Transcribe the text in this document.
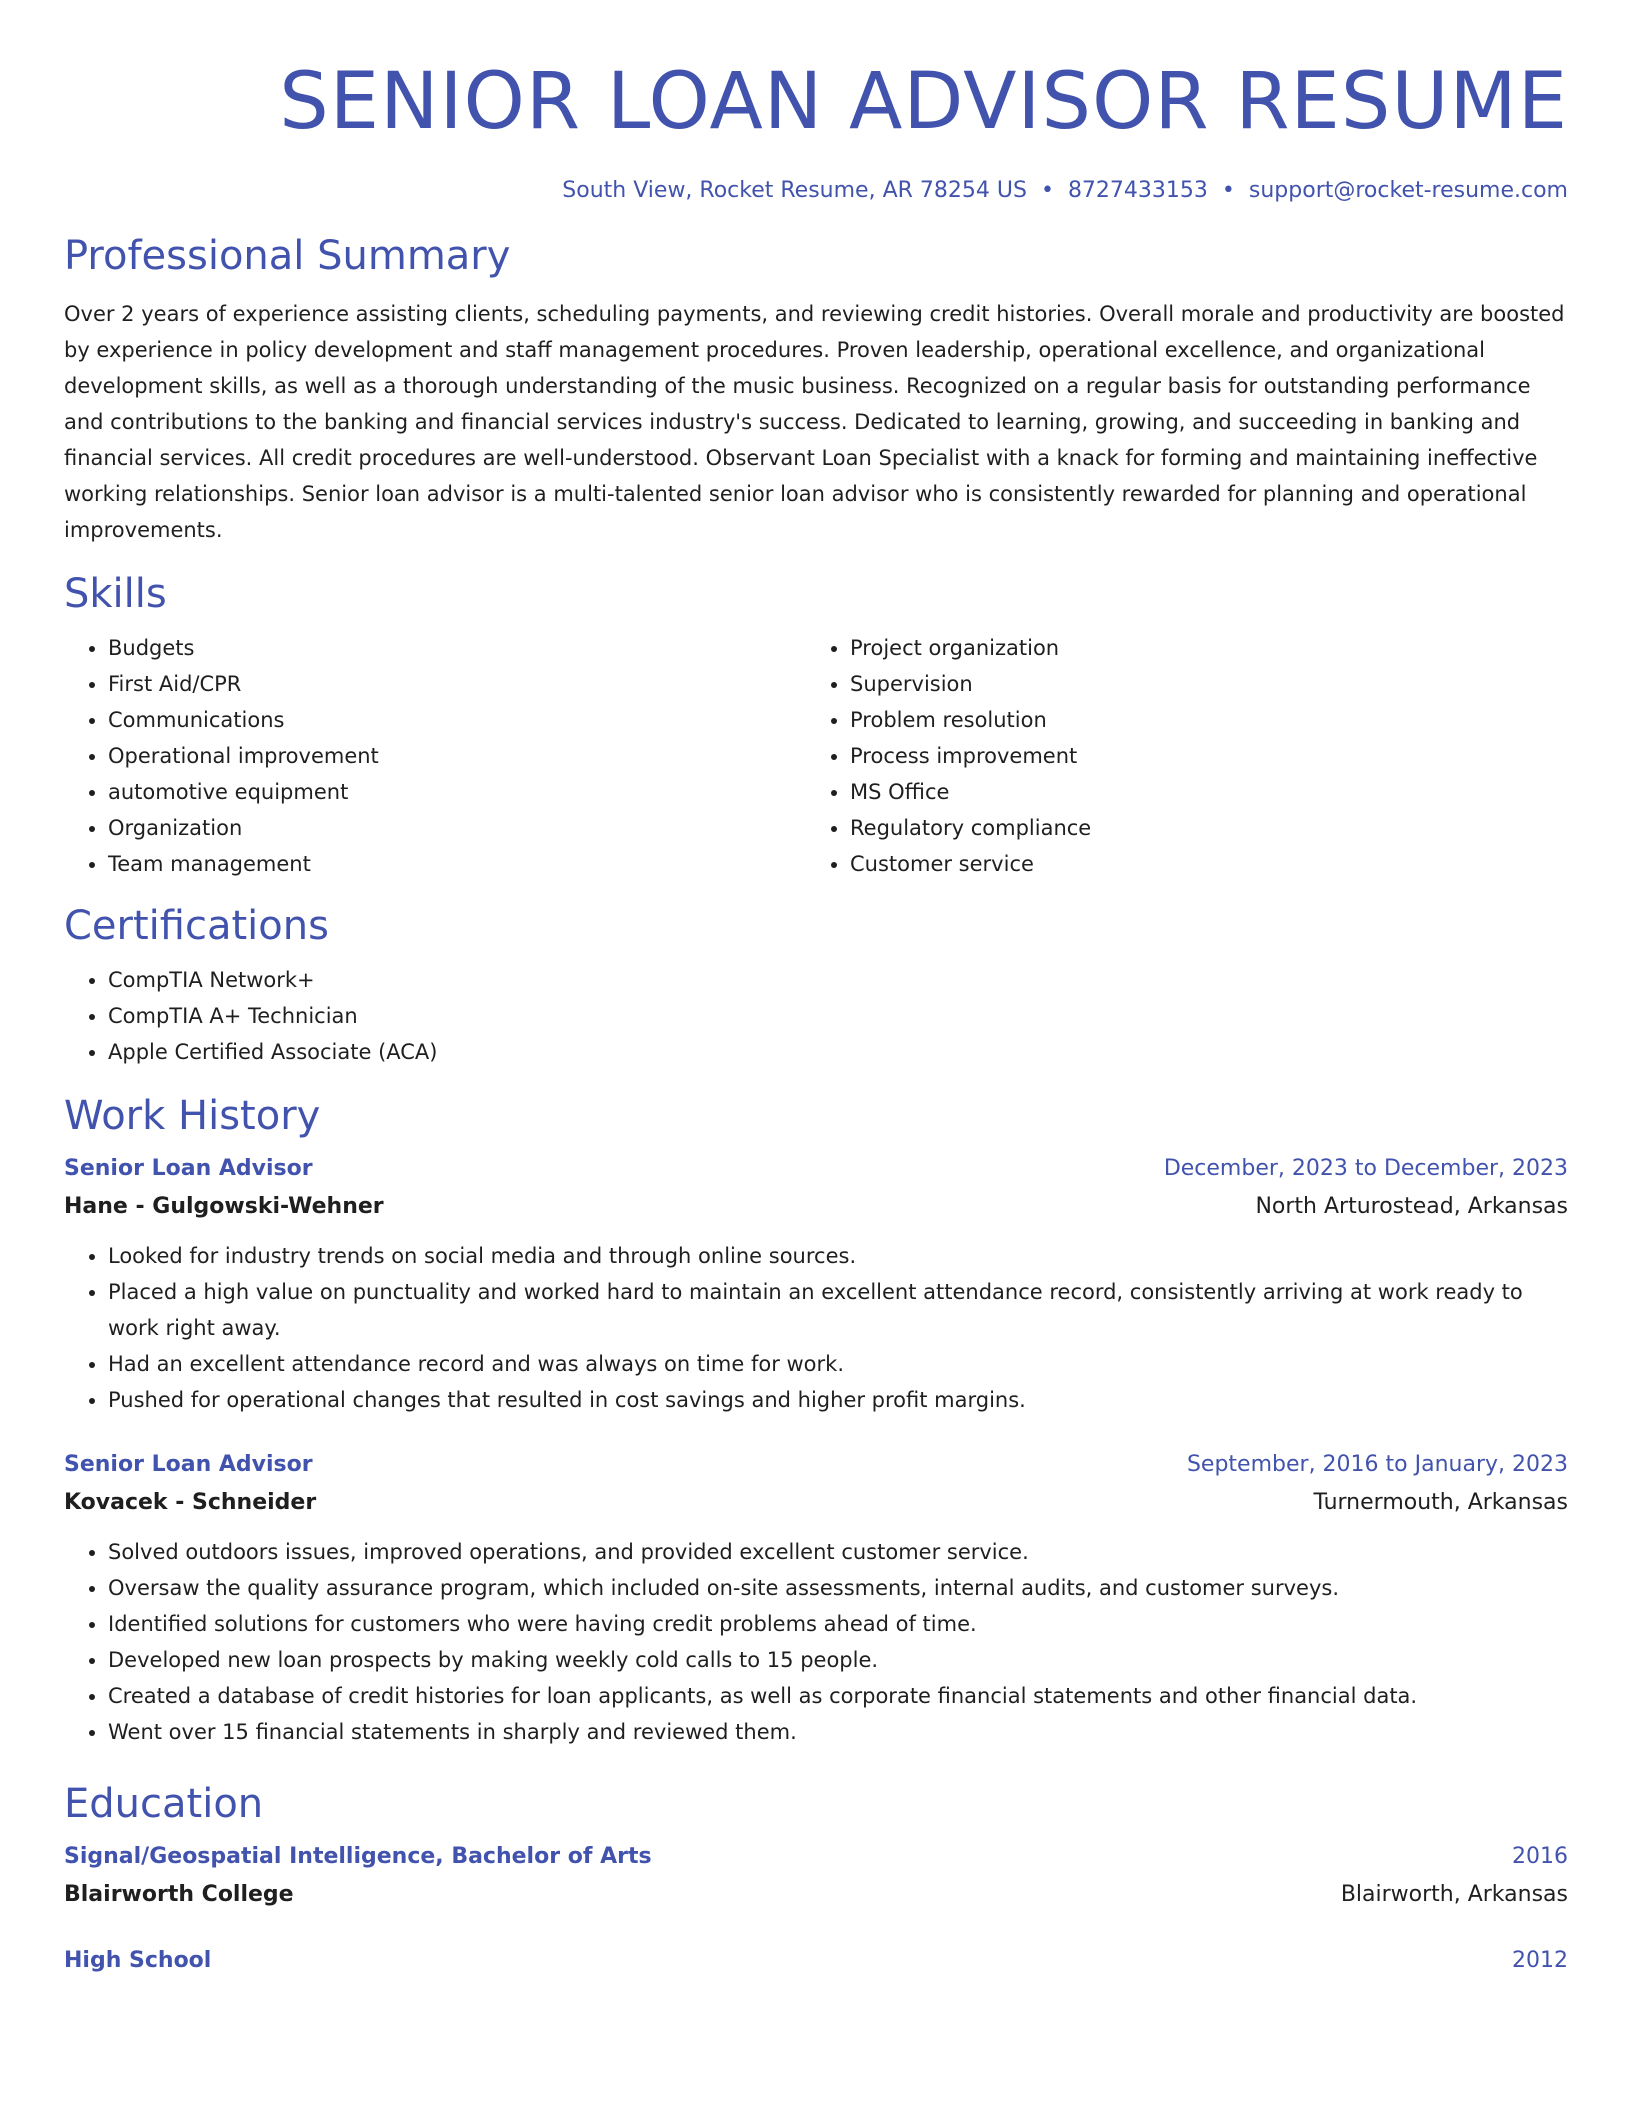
SENIOR LOAN ADVISOR RESUME
South View, Rocket Resume, AR 78254 US • 8727433153 • support@rocket-resume.com
Professional Summary

Over 2 years of experience assisting clients, scheduling payments, and reviewing credit histories. Overall morale and productivity are boosted by experience in policy development and staff management procedures. Proven leadership, operational excellence, and organizational development skills, as well as a thorough understanding of the music business. Recognized on a regular basis for outstanding performance and contributions to the banking and financial services industry's success. Dedicated to learning, growing, and succeeding in banking and financial services. All credit procedures are well-understood. Observant Loan Specialist with a knack for forming and maintaining ineffective working relationships. Senior loan advisor is a multi-talented senior loan advisor who is consistently rewarded for planning and operational improvements.

Skills
• Budgets
• First Aid/CPR
• Communications
• Operational improvement
• automotive equipment
• Organization
• Team management
• Project organization
• Supervision
• Problem resolution
• Process improvement
• MS Office
• Regulatory compliance
• Customer service
Certifications
• CompTIA Network+
• CompTIA A+ Technician
• Apple Certified Associate (ACA)
Work History
Senior Loan Advisor	December, 2023 to December, 2023
Hane - Gulgowski-Wehner	North Arturostead, Arkansas
• Looked for industry trends on social media and through online sources.
• Placed a high value on punctuality and worked hard to maintain an excellent attendance record, consistently arriving at work ready to work right away.
• Had an excellent attendance record and was always on time for work.
• Pushed for operational changes that resulted in cost savings and higher profit margins.
Senior Loan Advisor	September, 2016 to January, 2023
Kovacek - Schneider	Turnermouth, Arkansas
• Solved outdoors issues, improved operations, and provided excellent customer service.
• Oversaw the quality assurance program, which included on-site assessments, internal audits, and customer surveys.
• Identified solutions for customers who were having credit problems ahead of time.
• Developed new loan prospects by making weekly cold calls to 15 people.
• Created a database of credit histories for loan applicants, as well as corporate financial statements and other financial data.
• Went over 15 financial statements in sharply and reviewed them.
Education
Signal/Geospatial Intelligence, Bachelor of Arts	2016
Blairworth College	Blairworth, Arkansas
High School	2012
